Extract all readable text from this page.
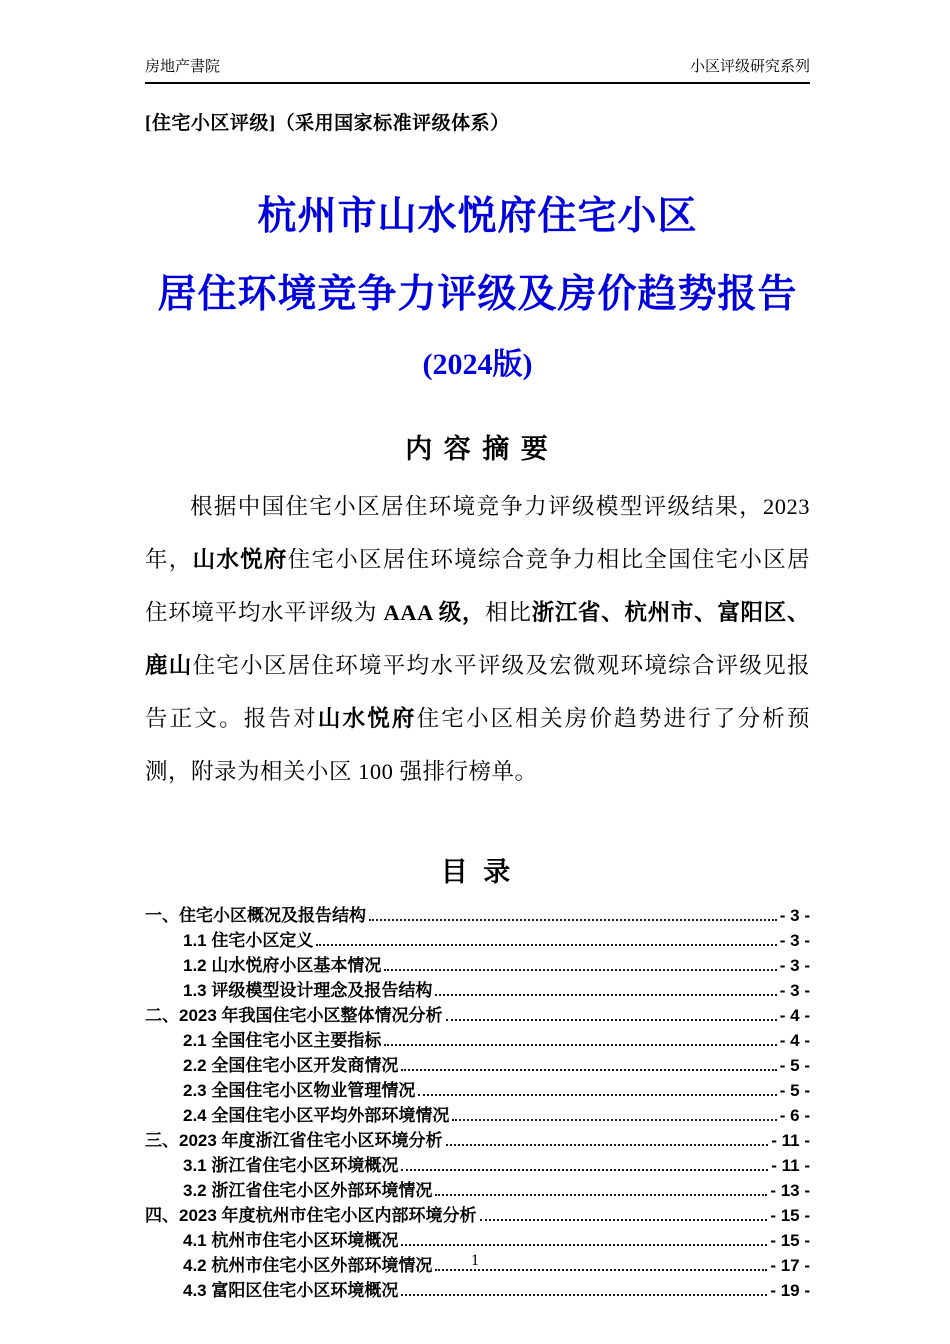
房地产書院	小区评级研究系列
[住宅小区评级]（采用国家标准评级体系）
杭州市山水悦府住宅小区
居住环境竞争力评级及房价趋势报告
(2024版)
内 容 摘 要

根据中国住宅小区居住环境竞争力评级模型评级结果，2023 年，山水悦府住宅小区居住环境综合竞争力相比全国住宅小区居住环境平均水平评级为 AAA 级，相比浙江省、杭州市、富阳区、鹿山住宅小区居住环境平均水平评级及宏微观环境综合评级见报告正文。报告对山水悦府住宅小区相关房价趋势进行了分析预测，附录为相关小区 100 强排行榜单。

目 录
一、住宅小区概况及报告结构	- 3 -
1.1 住宅小区定义	- 3 -
1.2 山水悦府小区基本情况	- 3 -
1.3 评级模型设计理念及报告结构	- 3 -
二、2023 年我国住宅小区整体情况分析	- 4 -
2.1 全国住宅小区主要指标	- 4 -
2.2 全国住宅小区开发商情况	- 5 -
2.3 全国住宅小区物业管理情况	- 5 -
2.4 全国住宅小区平均外部环境情况	- 6 -
三、2023 年度浙江省住宅小区环境分析	- 11 -
3.1 浙江省住宅小区环境概况	- 11 -
3.2 浙江省住宅小区外部环境情况	- 13 -
四、2023 年度杭州市住宅小区内部环境分析	- 15 -
4.1 杭州市住宅小区环境概况	- 15 -
4.2 杭州市住宅小区外部环境情况	- 17 -
4.3 富阳区住宅小区环境概况	- 19 -
1
